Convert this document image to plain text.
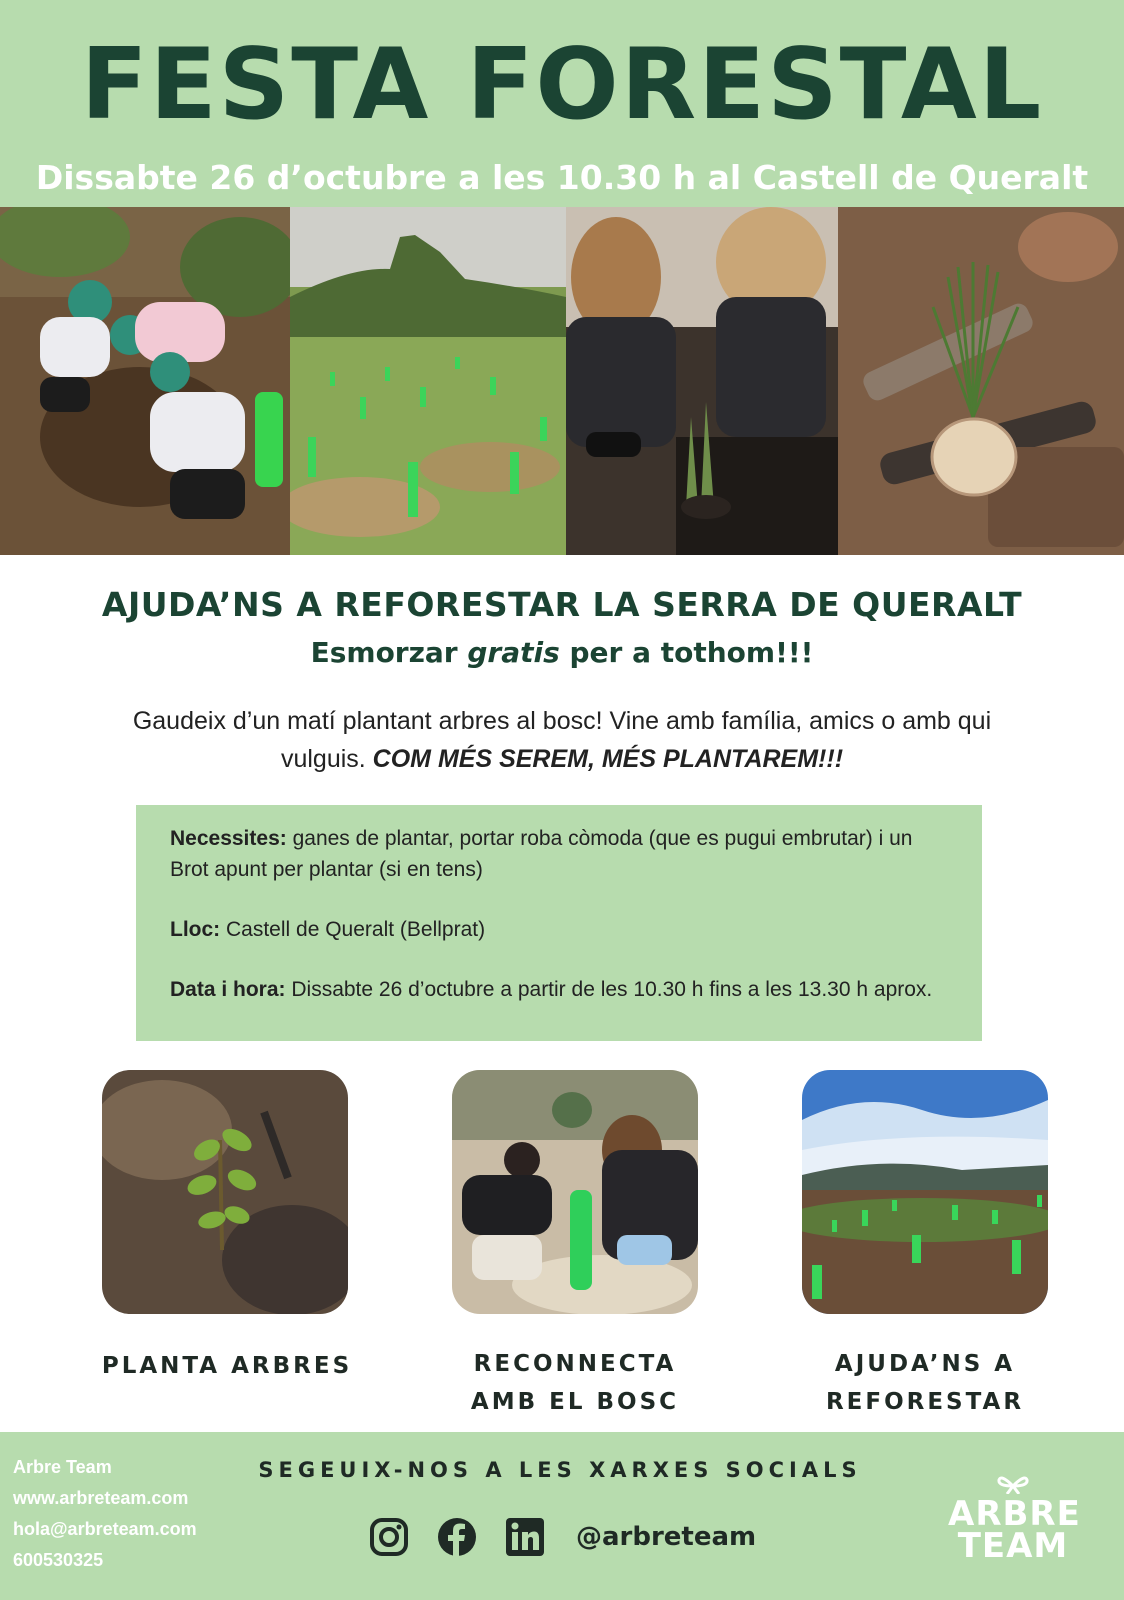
FESTA FORESTAL
Dissabte 26 d’octubre a les 10.30 h al Castell de Queralt
AJUDA’NS A REFORESTAR LA SERRA DE QUERALT
Esmorzar gratis per a tothom!!!
Gaudeix d’un matí plantant arbres al bosc! Vine amb família, amics o amb qui vulguis. COM MÉS SEREM, MÉS PLANTAREM!!!

Necessites: ganes de plantar, portar roba còmoda (que es pugui embrutar) i un Brot apunt per plantar (si en tens)

Lloc: Castell de Queralt (Bellprat)

Data i hora: Dissabte 26 d’octubre a partir de les 10.30 h fins a les 13.30 h aprox.

PLANTA ARBRES	RECONNECTA
AMB EL BOSC
AJUDA’NS A
REFORESTAR
Arbre Team
www.arbreteam.com
hola@arbreteam.com
600530325
SEGEUIX-NOS A LES XARXES SOCIALS
@arbreteam
ARBRE
TEAM
